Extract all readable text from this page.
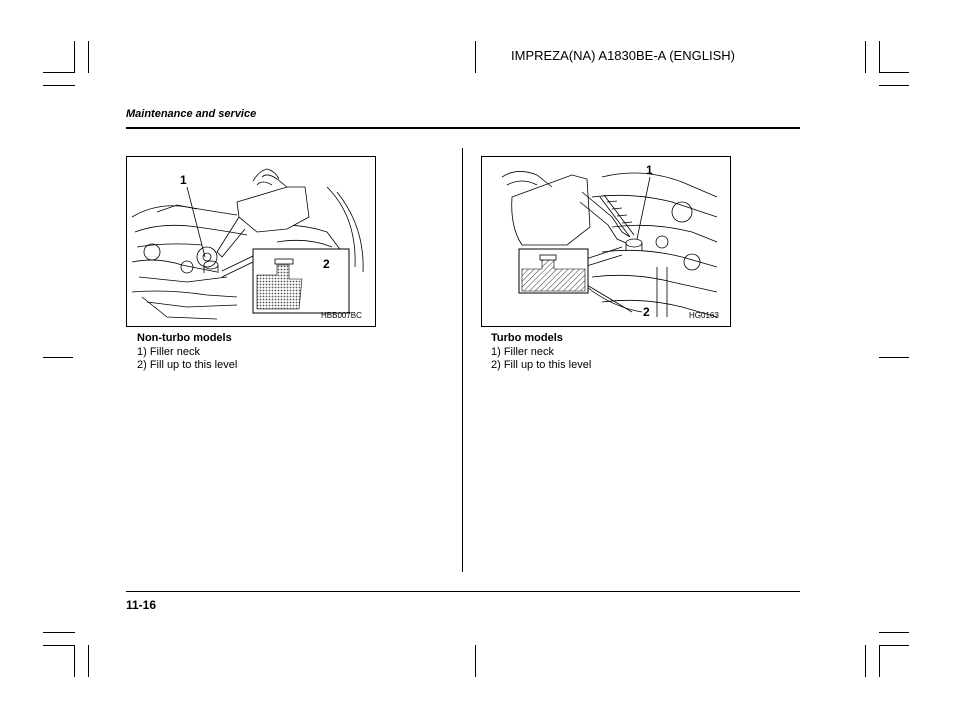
IMPREZA(NA) A1830BE-A (ENGLISH)
Maintenance and service
1
2
HBB007BC
Non-turbo models
1) Filler neck
2) Fill up to this level
1
2	HG0163
Turbo models
1) Filler neck
2) Fill up to this level
11-16
